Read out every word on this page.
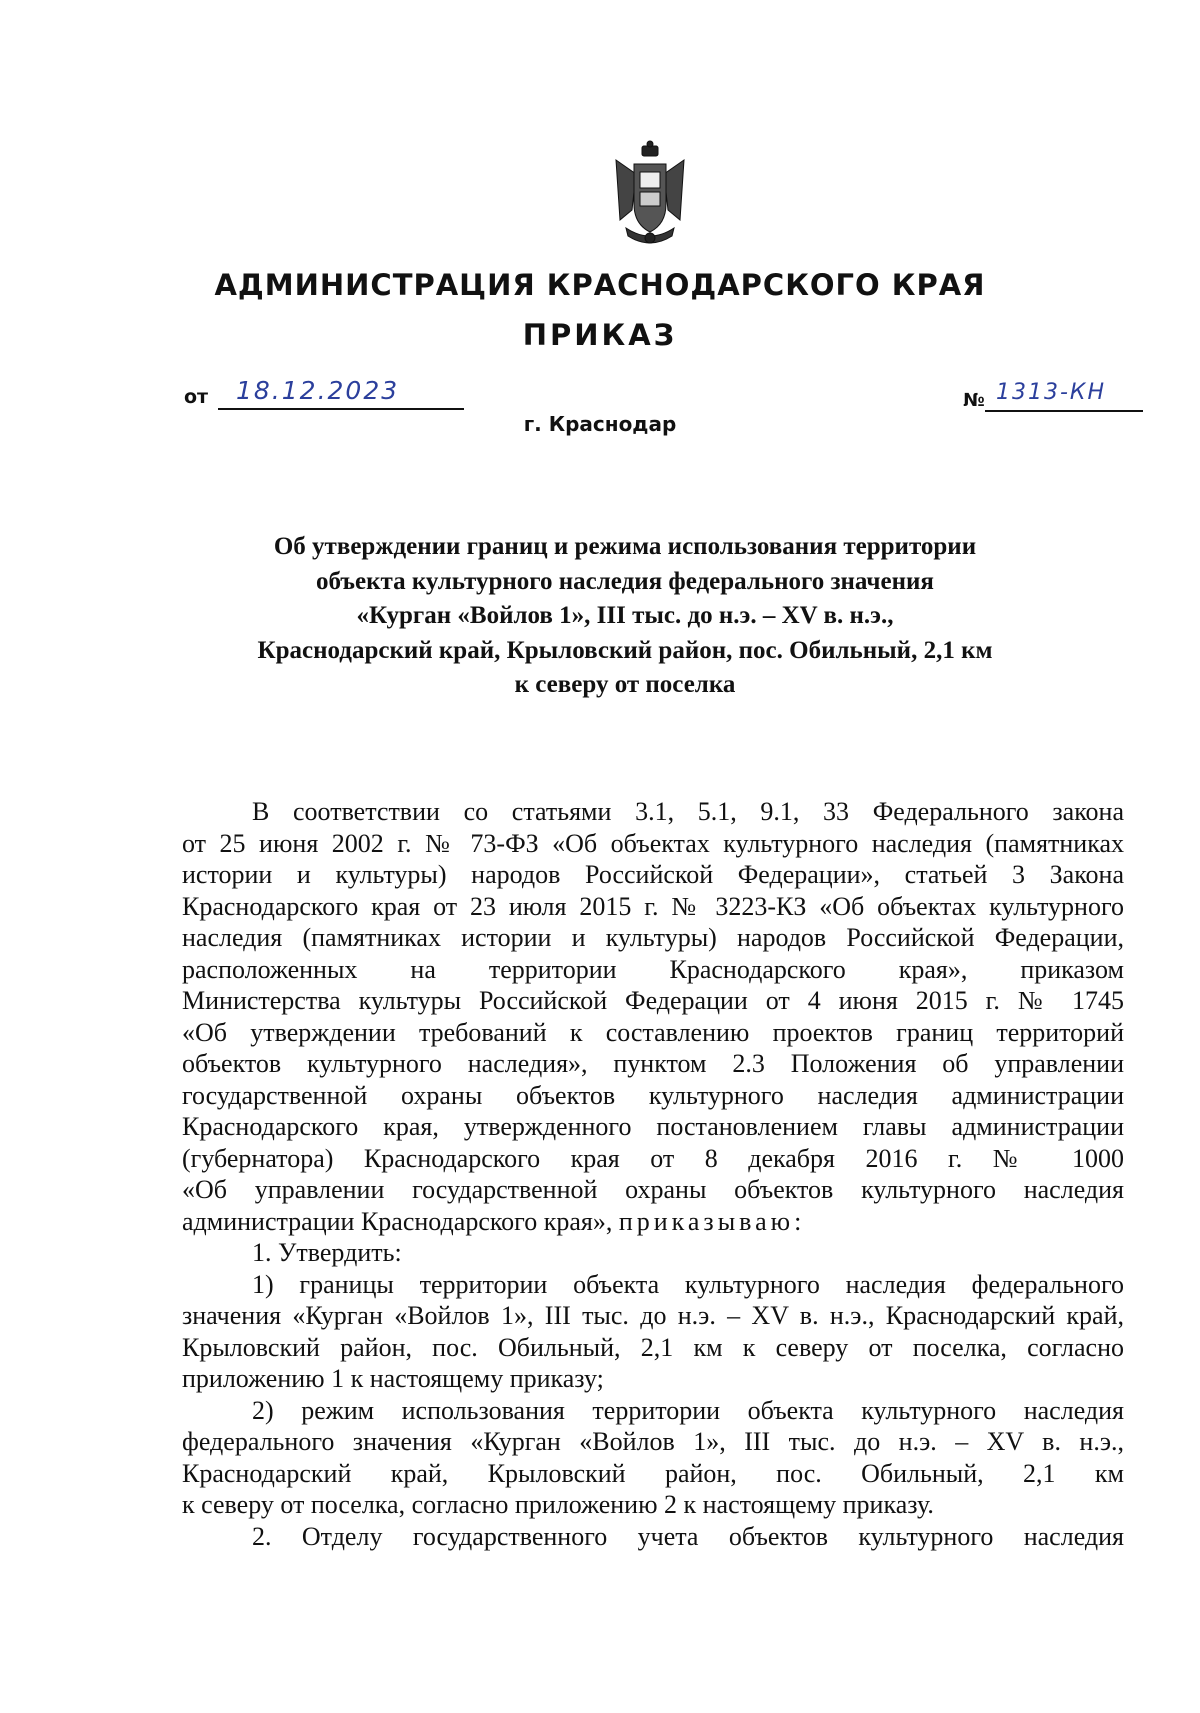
АДМИНИСТРАЦИЯ КРАСНОДАРСКОГО КРАЯ
ПРИКАЗ
от 18.12.2023
г. Краснодар
№ 1313-КН
Об утверждении границ и режима использования территории
объекта культурного наследия федерального значения
«Курган «Войлов 1», III тыс. до н.э. – XV в. н.э.,
Краснодарский край, Крыловский район, пос. Обильный, 2,1 км
к северу от поселка
В соответствии со статьями 3.1, 5.1, 9.1, 33 Федерального закона
от 25 июня 2002 г. № 73-ФЗ «Об объектах культурного наследия (памятниках
истории и культуры) народов Российской Федерации», статьей 3 Закона
Краснодарского края от 23 июля 2015 г. № 3223-КЗ «Об объектах культурного
наследия (памятниках истории и культуры) народов Российской Федерации,
расположенных на территории Краснодарского края», приказом
Министерства культуры Российской Федерации от 4 июня 2015 г. № 1745
«Об утверждении требований к составлению проектов границ территорий
объектов культурного наследия», пунктом 2.3 Положения об управлении
государственной охраны объектов культурного наследия администрации
Краснодарского края, утвержденного постановлением главы администрации
(губернатора) Краснодарского края от 8 декабря 2016 г. № 1000
«Об управлении государственной охраны объектов культурного наследия
администрации Краснодарского края», приказываю:
1. Утвердить:
1) границы территории объекта культурного наследия федерального
значения «Курган «Войлов 1», III тыс. до н.э. – XV в. н.э., Краснодарский край,
Крыловский район, пос. Обильный, 2,1 км к северу от поселка, согласно
приложению 1 к настоящему приказу;
2) режим использования территории объекта культурного наследия
федерального значения «Курган «Войлов 1», III тыс. до н.э. – XV в. н.э.,
Краснодарский край, Крыловский район, пос. Обильный, 2,1 км
к северу от поселка, согласно приложению 2 к настоящему приказу.
2. Отделу государственного учета объектов культурного наследия
